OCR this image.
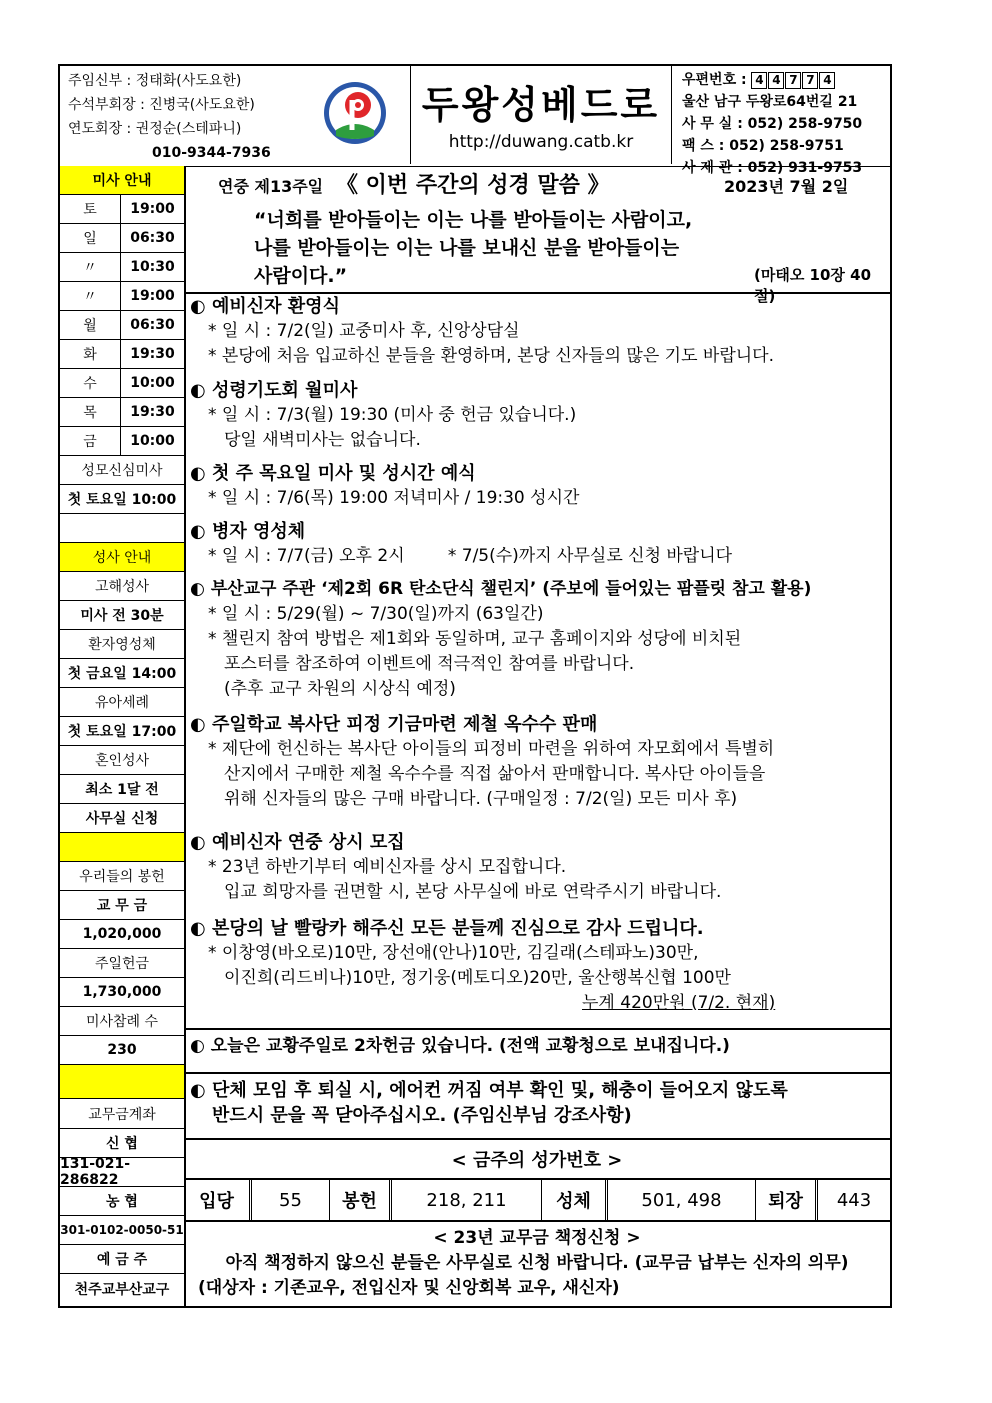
주임신부 : 정태화(사도요한)
수석부회장 : 진병국(사도요한)
연도회장 : 권정순(스테파니)
010-9344-7936
두왕성베드로
http://duwang.catb.kr
우편번호 : 4 4 7 7 4
울산 남구 두왕로64번길 21
사 무 실 : 052) 258-9750
팩 스 : 052) 258-9751
사 제 관 : 052) 931-9753
미사 안내
토	19:00
일	06:30
〃	10:30
〃	19:00
월	06:30
화	19:30
수	10:00
목	19:30
금	10:00
성모신심미사
첫 토요일 10:00
성사 안내
고해성사
미사 전 30분
환자영성체
첫 금요일 14:00
유아세례
첫 토요일 17:00
혼인성사
최소 1달 전
사무실 신청
우리들의 봉헌
교 무 금
1,020,000
주일헌금
1,730,000
미사참례 수
230
교무금계좌
신 협
131-021-286822
농 협
301-0102-0050-51
예 금 주
천주교부산교구
연중 제13주일 《 이번 주간의 성경 말씀 》	2023년 7월 2일
“너희를 받아들이는 이는 나를 받아들이는 사람이고,
나를 받아들이는 이는 나를 보내신 분을 받아들이는
사람이다.”	(마태오 10장 40절)
◐ 예비신자 환영식
* 일 시 : 7/2(일) 교중미사 후, 신앙상담실
* 본당에 처음 입교하신 분들을 환영하며, 본당 신자들의 많은 기도 바랍니다.
◐ 성령기도회 월미사
* 일 시 : 7/3(월) 19:30 (미사 중 헌금 있습니다.)
당일 새벽미사는 없습니다.
◐ 첫 주 목요일 미사 및 성시간 예식
* 일 시 : 7/6(목) 19:00 저녁미사 / 19:30 성시간
◐ 병자 영성체
* 일 시 : 7/7(금) 오후 2시        * 7/5(수)까지 사무실로 신청 바랍니다
◐ 부산교구 주관 ‘제2회 6R 탄소단식 챌린지’ (주보에 들어있는 팜플릿 참고 활용)
* 일 시 : 5/29(월) ~ 7/30(일)까지 (63일간)
* 챌린지 참여 방법은 제1회와 동일하며, 교구 홈페이지와 성당에 비치된
포스터를 참조하여 이벤트에 적극적인 참여를 바랍니다.
(추후 교구 차원의 시상식 예정)
◐ 주일학교 복사단 피정 기금마련 제철 옥수수 판매
* 제단에 헌신하는 복사단 아이들의 피정비 마련을 위하여 자모회에서 특별히
산지에서 구매한 제철 옥수수를 직접 삶아서 판매합니다. 복사단 아이들을
위해 신자들의 많은 구매 바랍니다. (구매일정 : 7/2(일) 모든 미사 후)
◐ 예비신자 연중 상시 모집
* 23년 하반기부터 예비신자를 상시 모집합니다.
입교 희망자를 권면할 시, 본당 사무실에 바로 연락주시기 바랍니다.
◐ 본당의 날 빨랑카 해주신 모든 분들께 진심으로 감사 드립니다.
* 이창영(바오로)10만, 장선애(안나)10만, 김길래(스테파노)30만,
이진희(리드비나)10만, 정기웅(메토디오)20만, 울산행복신협 100만
누계 420만원 (7/2. 현재)
◐ 오늘은 교황주일로 2차헌금 있습니다. (전액 교황청으로 보내집니다.)
◐ 단체 모임 후 퇴실 시, 에어컨 꺼짐 여부 확인 및, 해충이 들어오지 않도록
반드시 문을 꼭 닫아주십시오. (주임신부님 강조사항)
< 금주의 성가번호 >
입당	55	봉헌	218, 211	성체	501, 498	퇴장	443
< 23년 교무금 책정신청 >
아직 책정하지 않으신 분들은 사무실로 신청 바랍니다. (교무금 납부는 신자의 의무)
(대상자 : 기존교우, 전입신자 및 신앙회복 교우, 새신자)
